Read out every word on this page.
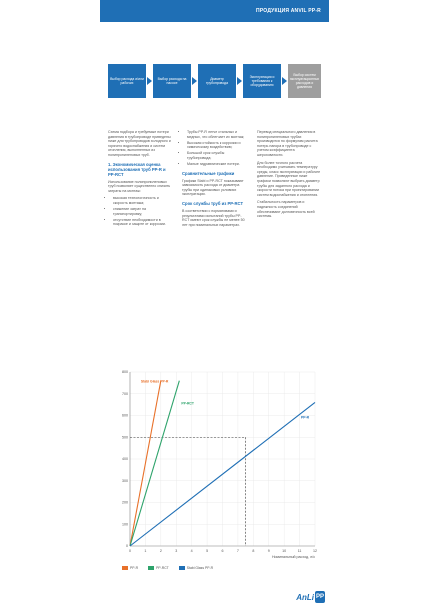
ПРОДУКЦИЯ ANVIL PP-R
Выбор расхода и/или рабочих
Выбор расхода на насосе
Диаметр трубопровода
Эксплуатация и требования к оборудованию
Выбор систем эксплуатационных расходов и давления

Схема подбора и требуемые потери давления в трубопроводе приведены ниже для трубопроводов холодного и горячего водоснабжения и систем отопления, выполненных из полипропиленовых труб.

1. Экономическая оценка использования труб PP-R и PP-RCT

Использование полипропиленовых труб позволяет существенно снизить затраты на монтаж:

• высокая технологичность и скорость монтажа;
• снижение затрат на транспортировку;
• отсутствие необходимости в покраске и защите от коррозии.
• Трубы PP-R легче стальных и медных, что облегчает их монтаж;
• Высокая стойкость к коррозии и химическому воздействию;
• Большой срок службы трубопровода;
• Малые гидравлические потери.
Сравнительные графики

Графики Stabi и PP-RCT показывают зависимость расхода от диаметра трубы при одинаковых условиях эксплуатации.

Срок службы труб из PP-RCT

В соответствии с нормативами и результатами испытаний трубы PP-RCT имеют срок службы не менее 50 лет при номинальных параметрах.

Перевод специального давления в полипропиленовых трубах производится по формулам расчета потерь напора в трубопроводе с учетом коэффициента шероховатости.

Для более точного расчета необходимо учитывать температуру среды, класс эксплуатации и рабочее давление. Приведенные ниже графики позволяют выбрать диаметр трубы для заданного расхода и скорости потока при проектировании систем водоснабжения и отопления.

Стабильность параметров и надежность соединений обеспечивают долговечность всей системы.

0	1	2	3	4	5	6	7	8	9	10	11	12
0
100
200
300
400
500
600
700
800
Номинальный расход, л/с
Stabi Glass PP-R
PP-RCT
PP-R
PP-R	PP-RCT	Stabi Glass PP-R
AnLi PP
